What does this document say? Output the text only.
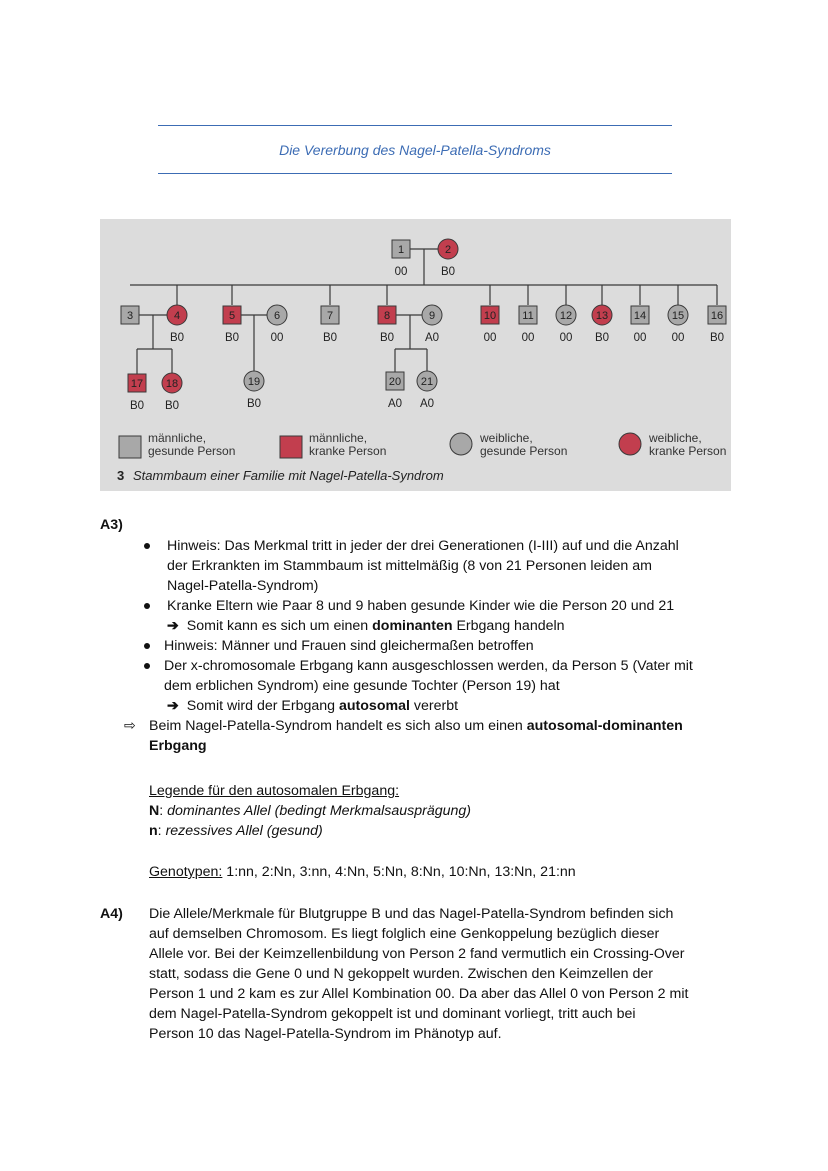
Die Vererbung des Nagel-Patella-Syndroms
1
00
2
B0
3	4
B0
5
B0
6
00
7
B0
8
B0
9
A0
10
00
11
00
12
00
13
B0
14
00
15
00
16
B0
17
B0
18
B0
19
B0
20
A0
21
A0
männliche,
gesunde Person
männliche,
kranke Person
weibliche,
gesunde Person
weibliche,
kranke Person
3 Stammbaum einer Familie mit Nagel-Patella-Syndrom
A3)
Hinweis: Das Merkmal tritt in jeder der drei Generationen (I-III) auf und die Anzahl
der Erkrankten im Stammbaum ist mittelmäßig (8 von 21 Personen leiden am
Nagel-Patella-Syndrom)
Kranke Eltern wie Paar 8 und 9 haben gesunde Kinder wie die Person 20 und 21
➔ Somit kann es sich um einen dominanten Erbgang handeln
Hinweis: Männer und Frauen sind gleichermaßen betroffen
Der x-chromosomale Erbgang kann ausgeschlossen werden, da Person 5 (Vater mit
dem erblichen Syndrom) eine gesunde Tochter (Person 19) hat
➔ Somit wird der Erbgang autosomal vererbt
⇨ Beim Nagel-Patella-Syndrom handelt es sich also um einen autosomal-dominanten
Erbgang
Legende für den autosomalen Erbgang:
N: dominantes Allel (bedingt Merkmalsausprägung)
n: rezessives Allel (gesund)
Genotypen: 1:nn, 2:Nn, 3:nn, 4:Nn, 5:Nn, 8:Nn, 10:Nn, 13:Nn, 21:nn
A4) Die Allele/Merkmale für Blutgruppe B und das Nagel-Patella-Syndrom befinden sich
auf demselben Chromosom. Es liegt folglich eine Genkoppelung bezüglich dieser
Allele vor. Bei der Keimzellenbildung von Person 2 fand vermutlich ein Crossing-Over
statt, sodass die Gene 0 und N gekoppelt wurden. Zwischen den Keimzellen der
Person 1 und 2 kam es zur Allel Kombination 00. Da aber das Allel 0 von Person 2 mit
dem Nagel-Patella-Syndrom gekoppelt ist und dominant vorliegt, tritt auch bei
Person 10 das Nagel-Patella-Syndrom im Phänotyp auf.
